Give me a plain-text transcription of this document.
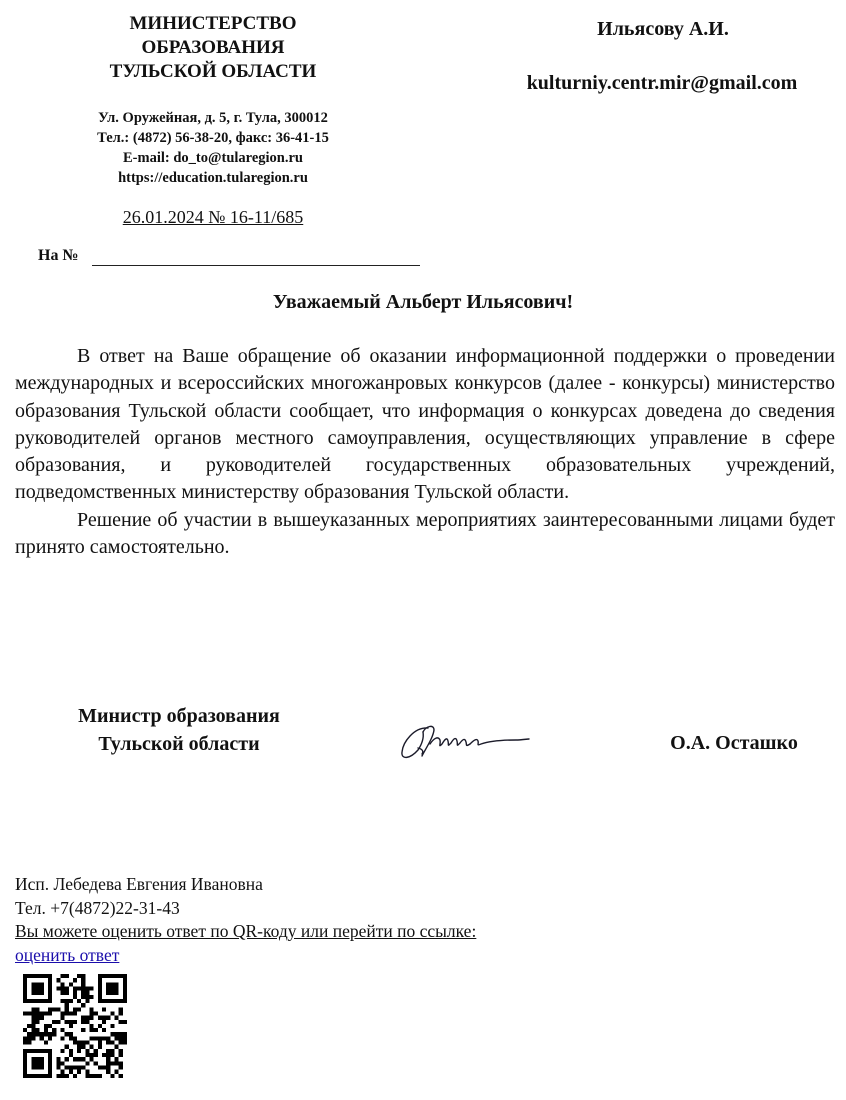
МИНИСТЕРСТВО
ОБРАЗОВАНИЯ
ТУЛЬСКОЙ ОБЛАСТИ
Ул. Оружейная, д. 5, г. Тула, 300012
Тел.: (4872) 56-38-20, факс: 36-41-15
E-mail: do_to@tularegion.ru
https://education.tularegion.ru
26.01.2024 № 16-11/685
На №
Ильясову А.И.
kulturniy.centr.mir@gmail.com
Уважаемый Альберт Ильясович!

В ответ на Ваше обращение об оказании информационной поддержки о проведении международных и всероссийских многожанровых конкурсов (далее - конкурсы) министерство образования Тульской области сообщает, что информация о конкурсах доведена до сведения руководителей органов местного самоуправления, осуществляющих управление в сфере образования, и руководителей государственных образовательных учреждений, подведомственных министерству образования Тульской области.

Решение об участии в вышеуказанных мероприятиях заинтересованными лицами будет принято самостоятельно.

Министр образования
Тульской области	О.А. Осташко
Исп. Лебедева Евгения Ивановна
Тел. +7(4872)22-31-43
Вы можете оценить ответ по QR-коду или перейти по ссылке:
оценить ответ
